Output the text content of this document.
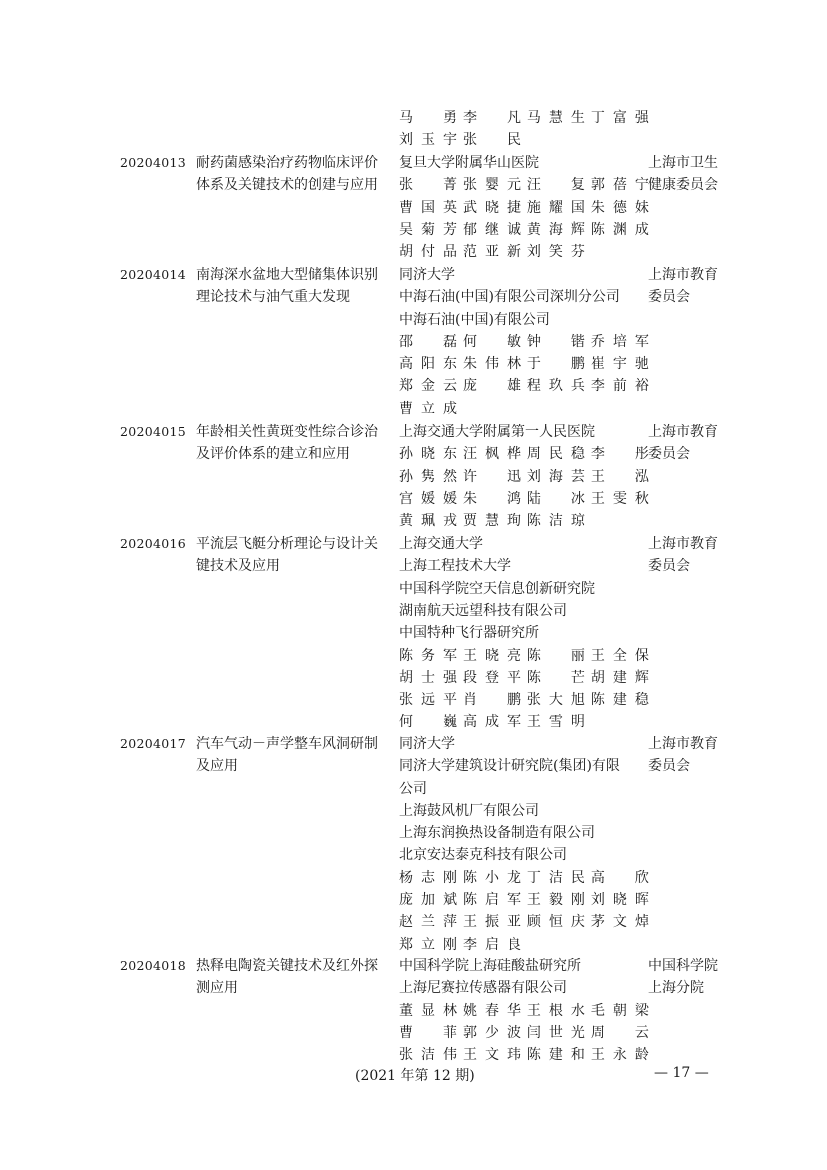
马　勇 李　凡 马慧生 丁富强
刘玉宇 张　民
20204013 耐药菌感染治疗药物临床评价
体系及关键技术的创建与应用
复旦大学附属华山医院
张　菁 张婴元 汪　复 郭蓓宁
曹国英 武晓捷 施耀国 朱德妹
吴菊芳 郁继诚 黄海辉 陈渊成
胡付品 范亚新 刘笑芬
上海市卫生
健康委员会
20204014 南海深水盆地大型储集体识别
理论技术与油气重大发现
同济大学
中海石油(中国)有限公司深圳分公司
中海石油(中国)有限公司
邵　磊 何　敏 钟　锴 乔培军
高阳东 朱伟林 于　鹏 崔宇驰
郑金云 庞　雄 程玖兵 李前裕
曹立成
上海市教育
委员会
20204015 年龄相关性黄斑变性综合诊治
及评价体系的建立和应用
上海交通大学附属第一人民医院
孙晓东 汪枫桦 周民稳 李　彤
孙隽然 许　迅 刘海芸 王　泓
宫媛媛 朱　鸿 陆　冰 王雯秋
黄珮戎 贾慧珣 陈洁琼
上海市教育
委员会
20204016 平流层飞艇分析理论与设计关
键技术及应用
上海交通大学
上海工程技术大学
中国科学院空天信息创新研究院
湖南航天远望科技有限公司
中国特种飞行器研究所
陈务军 王晓亮 陈　丽 王全保
胡士强 段登平 陈　芒 胡建辉
张远平 肖　鹏 张大旭 陈建稳
何　巍 高成军 王雪明
上海市教育
委员会
20204017 汽车气动－声学整车风洞研制
及应用
同济大学
同济大学建筑设计研究院(集团)有限
公司
上海鼓风机厂有限公司
上海东润换热设备制造有限公司
北京安达泰克科技有限公司
杨志刚 陈小龙 丁洁民 高　欣
庞加斌 陈启军 王毅刚 刘晓晖
赵兰萍 王振亚 顾恒庆 茅文焯
郑立刚 李启良
上海市教育
委员会
20204018 热释电陶瓷关键技术及红外探
测应用
中国科学院上海硅酸盐研究所
上海尼赛拉传感器有限公司
董显林 姚春华 王根水 毛朝梁
曹　菲 郭少波 闫世光 周　云
张洁伟 王文玮 陈建和 王永龄
中国科学院
上海分院
(2021 年第 12 期)	— 17 —
